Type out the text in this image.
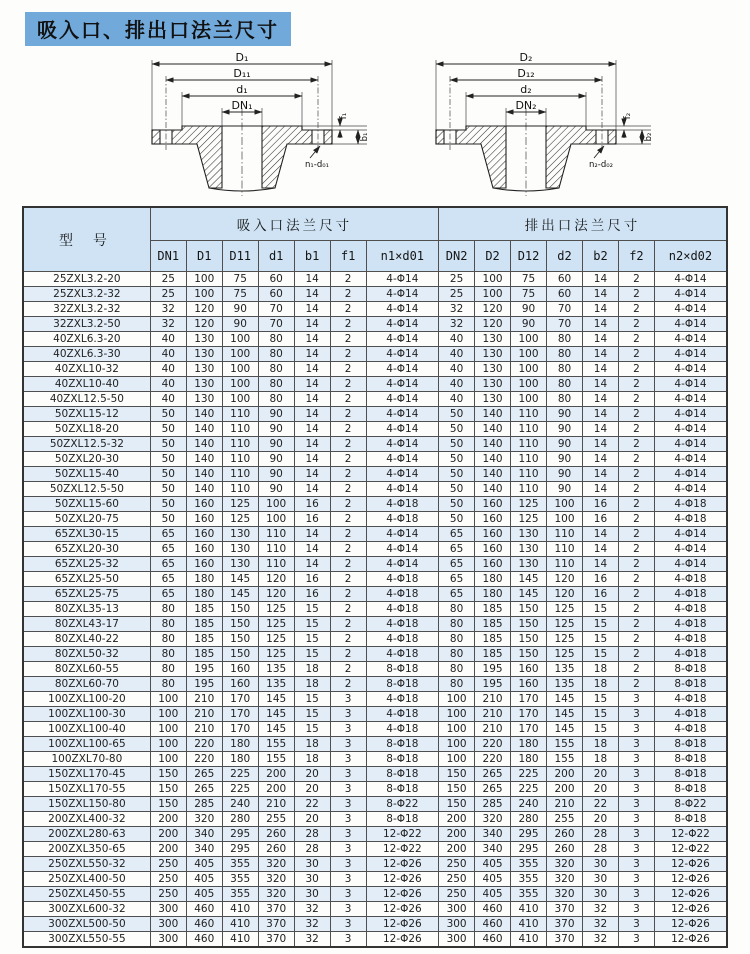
吸入口、排出口法兰尺寸
D₁
D₁₁
d₁
DN₁
f₁
b₁
n₁-d₀₁
D₂
D₁₂
d₂
DN₂
f₂
b₂
n₂-d₀₂
型 号	吸入口法兰尺寸							排出口法兰尺寸						
	DN1	D1	D11	d1	b1	f1	n1×d01	DN2	D2	D12	d2	b2	f2	n2×d02
25ZXL3.2-20	25	100	75	60	14	2	4-Φ14	25	100	75	60	14	2	4-Φ14
25ZXL3.2-32	25	100	75	60	14	2	4-Φ14	25	100	75	60	14	2	4-Φ14
32ZXL3.2-32	32	120	90	70	14	2	4-Φ14	32	120	90	70	14	2	4-Φ14
32ZXL3.2-50	32	120	90	70	14	2	4-Φ14	32	120	90	70	14	2	4-Φ14
40ZXL6.3-20	40	130	100	80	14	2	4-Φ14	40	130	100	80	14	2	4-Φ14
40ZXL6.3-30	40	130	100	80	14	2	4-Φ14	40	130	100	80	14	2	4-Φ14
40ZXL10-32	40	130	100	80	14	2	4-Φ14	40	130	100	80	14	2	4-Φ14
40ZXL10-40	40	130	100	80	14	2	4-Φ14	40	130	100	80	14	2	4-Φ14
40ZXL12.5-50	40	130	100	80	14	2	4-Φ14	40	130	100	80	14	2	4-Φ14
50ZXL15-12	50	140	110	90	14	2	4-Φ14	50	140	110	90	14	2	4-Φ14
50ZXL18-20	50	140	110	90	14	2	4-Φ14	50	140	110	90	14	2	4-Φ14
50ZXL12.5-32	50	140	110	90	14	2	4-Φ14	50	140	110	90	14	2	4-Φ14
50ZXL20-30	50	140	110	90	14	2	4-Φ14	50	140	110	90	14	2	4-Φ14
50ZXL15-40	50	140	110	90	14	2	4-Φ14	50	140	110	90	14	2	4-Φ14
50ZXL12.5-50	50	140	110	90	14	2	4-Φ14	50	140	110	90	14	2	4-Φ14
50ZXL15-60	50	160	125	100	16	2	4-Φ18	50	160	125	100	16	2	4-Φ18
50ZXL20-75	50	160	125	100	16	2	4-Φ18	50	160	125	100	16	2	4-Φ18
65ZXL30-15	65	160	130	110	14	2	4-Φ14	65	160	130	110	14	2	4-Φ14
65ZXL20-30	65	160	130	110	14	2	4-Φ14	65	160	130	110	14	2	4-Φ14
65ZXL25-32	65	160	130	110	14	2	4-Φ14	65	160	130	110	14	2	4-Φ14
65ZXL25-50	65	180	145	120	16	2	4-Φ18	65	180	145	120	16	2	4-Φ18
65ZXL25-75	65	180	145	120	16	2	4-Φ18	65	180	145	120	16	2	4-Φ18
80ZXL35-13	80	185	150	125	15	2	4-Φ18	80	185	150	125	15	2	4-Φ18
80ZXL43-17	80	185	150	125	15	2	4-Φ18	80	185	150	125	15	2	4-Φ18
80ZXL40-22	80	185	150	125	15	2	4-Φ18	80	185	150	125	15	2	4-Φ18
80ZXL50-32	80	185	150	125	15	2	4-Φ18	80	185	150	125	15	2	4-Φ18
80ZXL60-55	80	195	160	135	18	2	8-Φ18	80	195	160	135	18	2	8-Φ18
80ZXL60-70	80	195	160	135	18	2	8-Φ18	80	195	160	135	18	2	8-Φ18
100ZXL100-20	100	210	170	145	15	3	4-Φ18	100	210	170	145	15	3	4-Φ18
100ZXL100-30	100	210	170	145	15	3	4-Φ18	100	210	170	145	15	3	4-Φ18
100ZXL100-40	100	210	170	145	15	3	4-Φ18	100	210	170	145	15	3	4-Φ18
100ZXL100-65	100	220	180	155	18	3	8-Φ18	100	220	180	155	18	3	8-Φ18
100ZXL70-80	100	220	180	155	18	3	8-Φ18	100	220	180	155	18	3	8-Φ18
150ZXL170-45	150	265	225	200	20	3	8-Φ18	150	265	225	200	20	3	8-Φ18
150ZXL170-55	150	265	225	200	20	3	8-Φ18	150	265	225	200	20	3	8-Φ18
150ZXL150-80	150	285	240	210	22	3	8-Φ22	150	285	240	210	22	3	8-Φ22
200ZXL400-32	200	320	280	255	20	3	8-Φ18	200	320	280	255	20	3	8-Φ18
200ZXL280-63	200	340	295	260	28	3	12-Φ22	200	340	295	260	28	3	12-Φ22
200ZXL350-65	200	340	295	260	28	3	12-Φ22	200	340	295	260	28	3	12-Φ22
250ZXL550-32	250	405	355	320	30	3	12-Φ26	250	405	355	320	30	3	12-Φ26
250ZXL400-50	250	405	355	320	30	3	12-Φ26	250	405	355	320	30	3	12-Φ26
250ZXL450-55	250	405	355	320	30	3	12-Φ26	250	405	355	320	30	3	12-Φ26
300ZXL600-32	300	460	410	370	32	3	12-Φ26	300	460	410	370	32	3	12-Φ26
300ZXL500-50	300	460	410	370	32	3	12-Φ26	300	460	410	370	32	3	12-Φ26
300ZXL550-55	300	460	410	370	32	3	12-Φ26	300	460	410	370	32	3	12-Φ26
